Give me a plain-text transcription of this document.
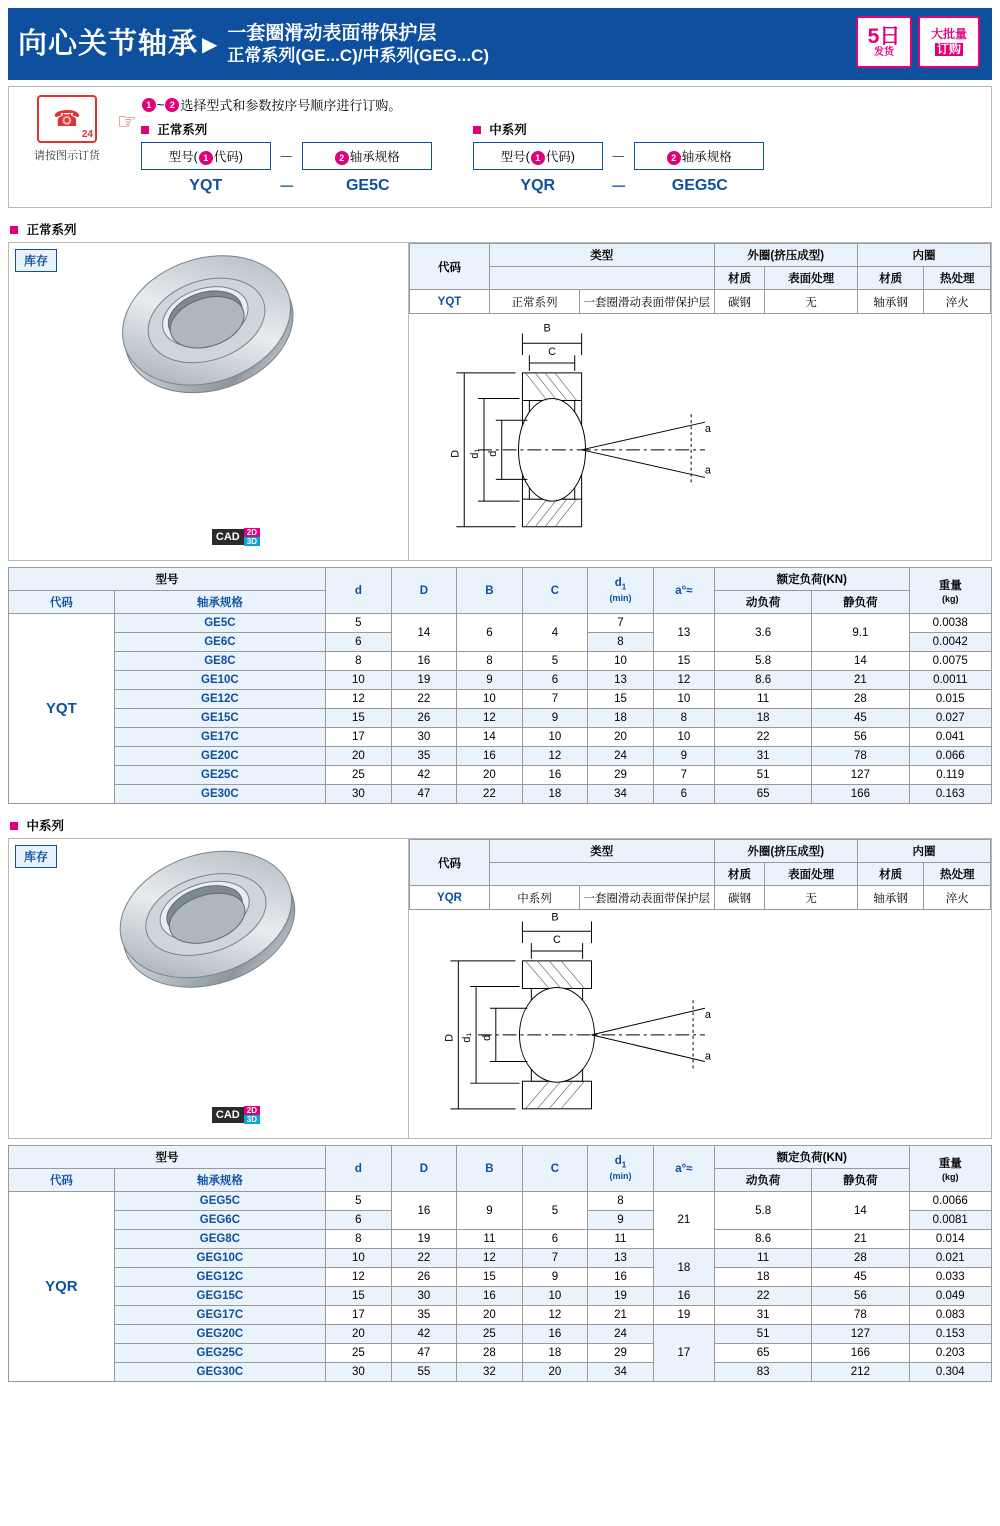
向心关节轴承 ▶
一套圈滑动表面带保护层
正常系列(GE...C)/中系列(GEG...C)
5日
发货
大批量
订购
☎
24
请按图示订货
☞
1 ~ 2 选择型式和参数按序号顺序进行订购。
正常系列
型号( 1 代码)	－	2 轴承规格
YQT	－	GE5C
中系列
型号( 1 代码)	－	2 轴承规格
YQR	－	GEG5C
正常系列
库存
CAD 2D
3D
代码	类型		外圈(挤压成型)		内圈	
			材质	表面处理	材质	热处理
YQT	正常系列	一套圈滑动表面带保护层	碳钢	无	轴承钢	淬火
B
C
D d₁ d
a
a
型号		d	D	B	C	$d_1$
(min)	a°≈	额定负荷(KN)		重量
(kg)
代码	轴承规格							动负荷	静负荷	
YQT	GE5C	5	14	6	4	7	13	3.6	9.1	0.0038
	GE6C	6				8				0.0042
	GE8C	8	16	8	5	10	15	5.8	14	0.0075
	GE10C	10	19	9	6	13	12	8.6	21	0.0011
	GE12C	12	22	10	7	15	10	11	28	0.015
	GE15C	15	26	12	9	18	8	18	45	0.027
	GE17C	17	30	14	10	20	10	22	56	0.041
	GE20C	20	35	16	12	24	9	31	78	0.066
	GE25C	25	42	20	16	29	7	51	127	0.119
	GE30C	30	47	22	18	34	6	65	166	0.163
中系列
库存
CAD 2D
3D
代码	类型		外圈(挤压成型)		内圈	
			材质	表面处理	材质	热处理
YQR	中系列	一套圈滑动表面带保护层	碳钢	无	轴承钢	淬火
B
C
D d₁ d
a
a
型号		d	D	B	C	$d_1$
(min)	a°≈	额定负荷(KN)		重量
(kg)
代码	轴承规格							动负荷	静负荷	
YQR	GEG5C	5	16	9	5	8	21	5.8	14	0.0066
	GEG6C	6				9				0.0081
	GEG8C	8	19	11	6	11		8.6	21	0.014
	GEG10C	10	22	12	7	13	18	11	28	0.021
	GEG12C	12	26	15	9	16		18	45	0.033
	GEG15C	15	30	16	10	19	16	22	56	0.049
	GEG17C	17	35	20	12	21	19	31	78	0.083
	GEG20C	20	42	25	16	24	17	51	127	0.153
	GEG25C	25	47	28	18	29		65	166	0.203
	GEG30C	30	55	32	20	34		83	212	0.304
